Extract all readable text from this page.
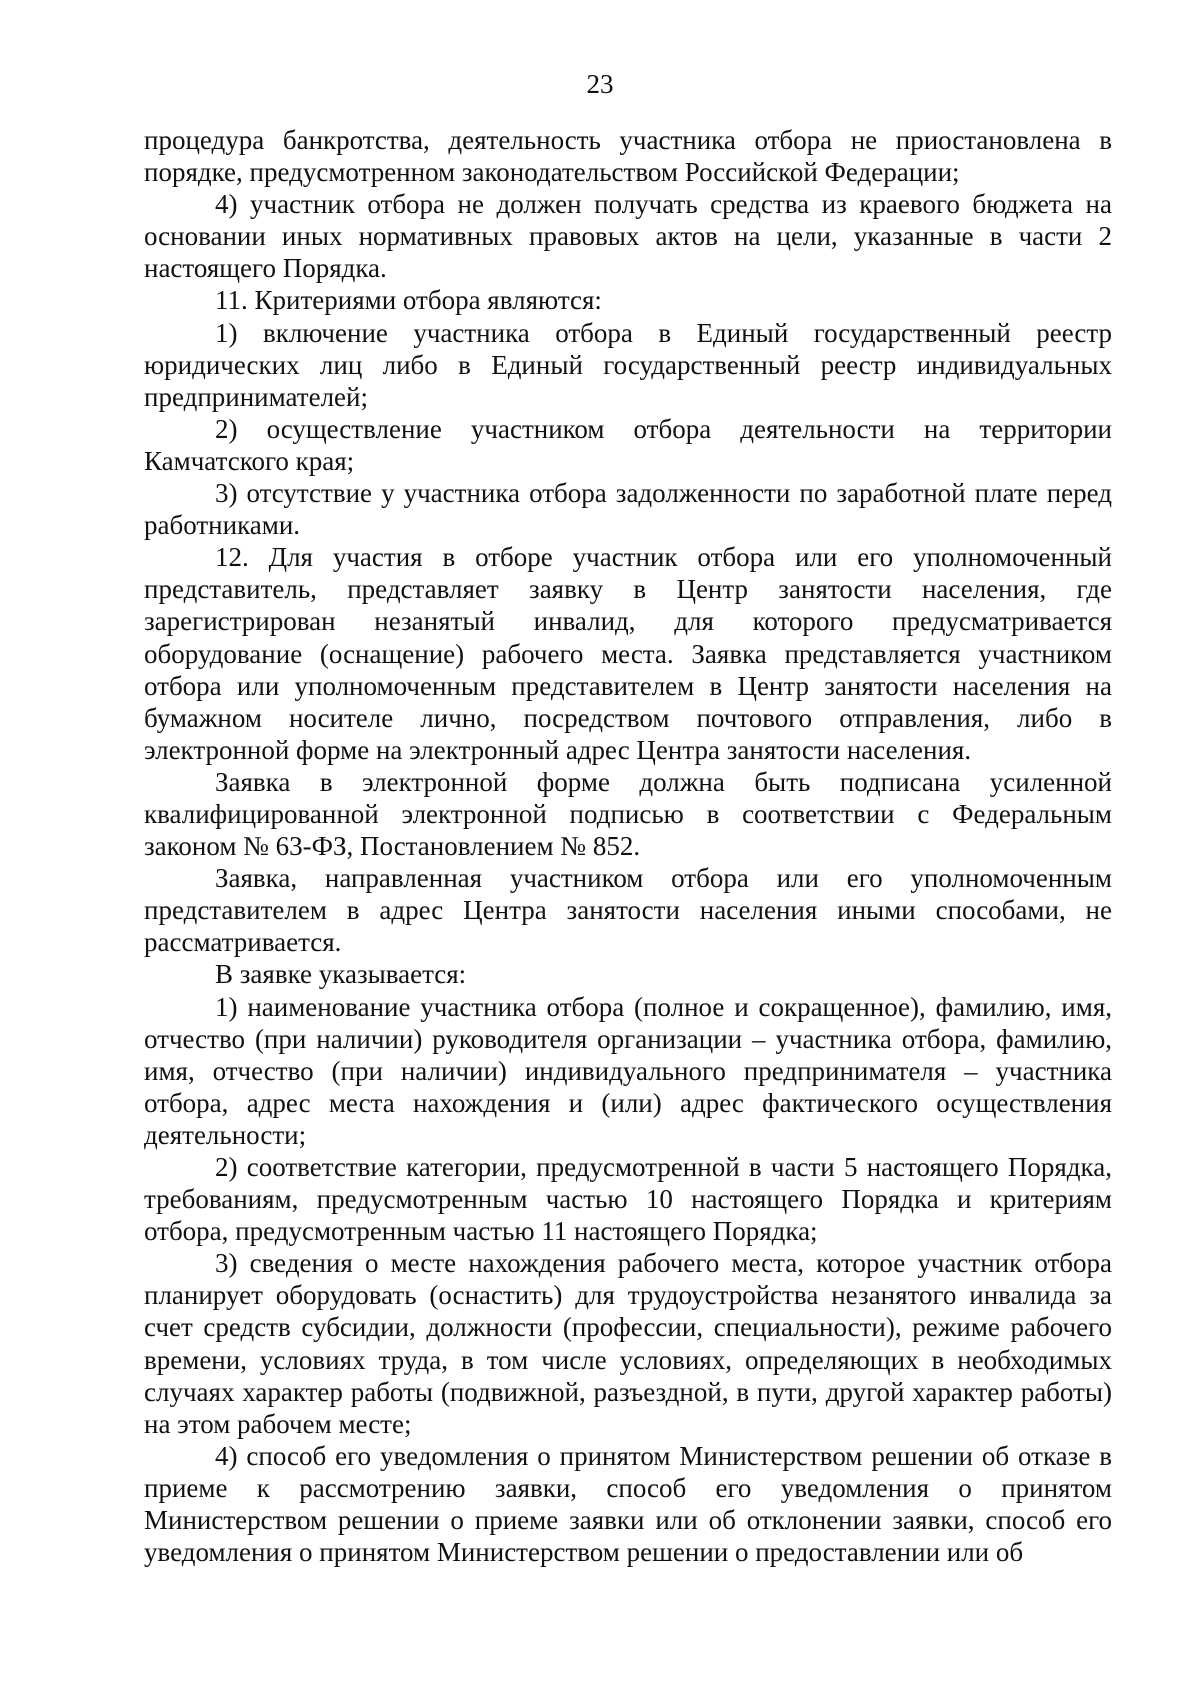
23

процедура банкротства, деятельность участника отбора не приостановлена в порядке, предусмотренном законодательством Российской Федерации;

4) участник отбора не должен получать средства из краевого бюджета на основании иных нормативных правовых актов на цели, указанные в части 2 настоящего Порядка.

11. Критериями отбора являются:

1) включение участника отбора в Единый государственный реестр юридических лиц либо в Единый государственный реестр индивидуальных предпринимателей;

2) осуществление участником отбора деятельности на территории Камчатского края;

3) отсутствие у участника отбора задолженности по заработной плате перед работниками.

12. Для участия в отборе участник отбора или его уполномоченный представитель, представляет заявку в Центр занятости населения, где зарегистрирован незанятый инвалид, для которого предусматривается оборудование (оснащение) рабочего места. Заявка представляется участником отбора или уполномоченным представителем в Центр занятости населения на бумажном носителе лично, посредством почтового отправления, либо в электронной форме на электронный адрес Центра занятости населения.

Заявка в электронной форме должна быть подписана усиленной квалифицированной электронной подписью в соответствии с Федеральным законом № 63-ФЗ, Постановлением № 852.

Заявка, направленная участником отбора или его уполномоченным представителем в адрес Центра занятости населения иными способами, не рассматривается.

В заявке указывается:

1) наименование участника отбора (полное и сокращенное), фамилию, имя, отчество (при наличии) руководителя организации – участника отбора, фамилию, имя, отчество (при наличии) индивидуального предпринимателя – участника отбора, адрес места нахождения и (или) адрес фактического осуществления деятельности;

2) соответствие категории, предусмотренной в части 5 настоящего Порядка, требованиям, предусмотренным частью 10 настоящего Порядка и критериям отбора, предусмотренным частью 11 настоящего Порядка;

3) сведения о месте нахождения рабочего места, которое участник отбора планирует оборудовать (оснастить) для трудоустройства незанятого инвалида за счет средств субсидии, должности (профессии, специальности), режиме рабочего времени, условиях труда, в том числе условиях, определяющих в необходимых случаях характер работы (подвижной, разъездной, в пути, другой характер работы) на этом рабочем месте;

4) способ его уведомления о принятом Министерством решении об отказе в приеме к рассмотрению заявки, способ его уведомления о принятом Министерством решении о приеме заявки или об отклонении заявки, способ его уведомления о принятом Министерством решении о предоставлении или об
